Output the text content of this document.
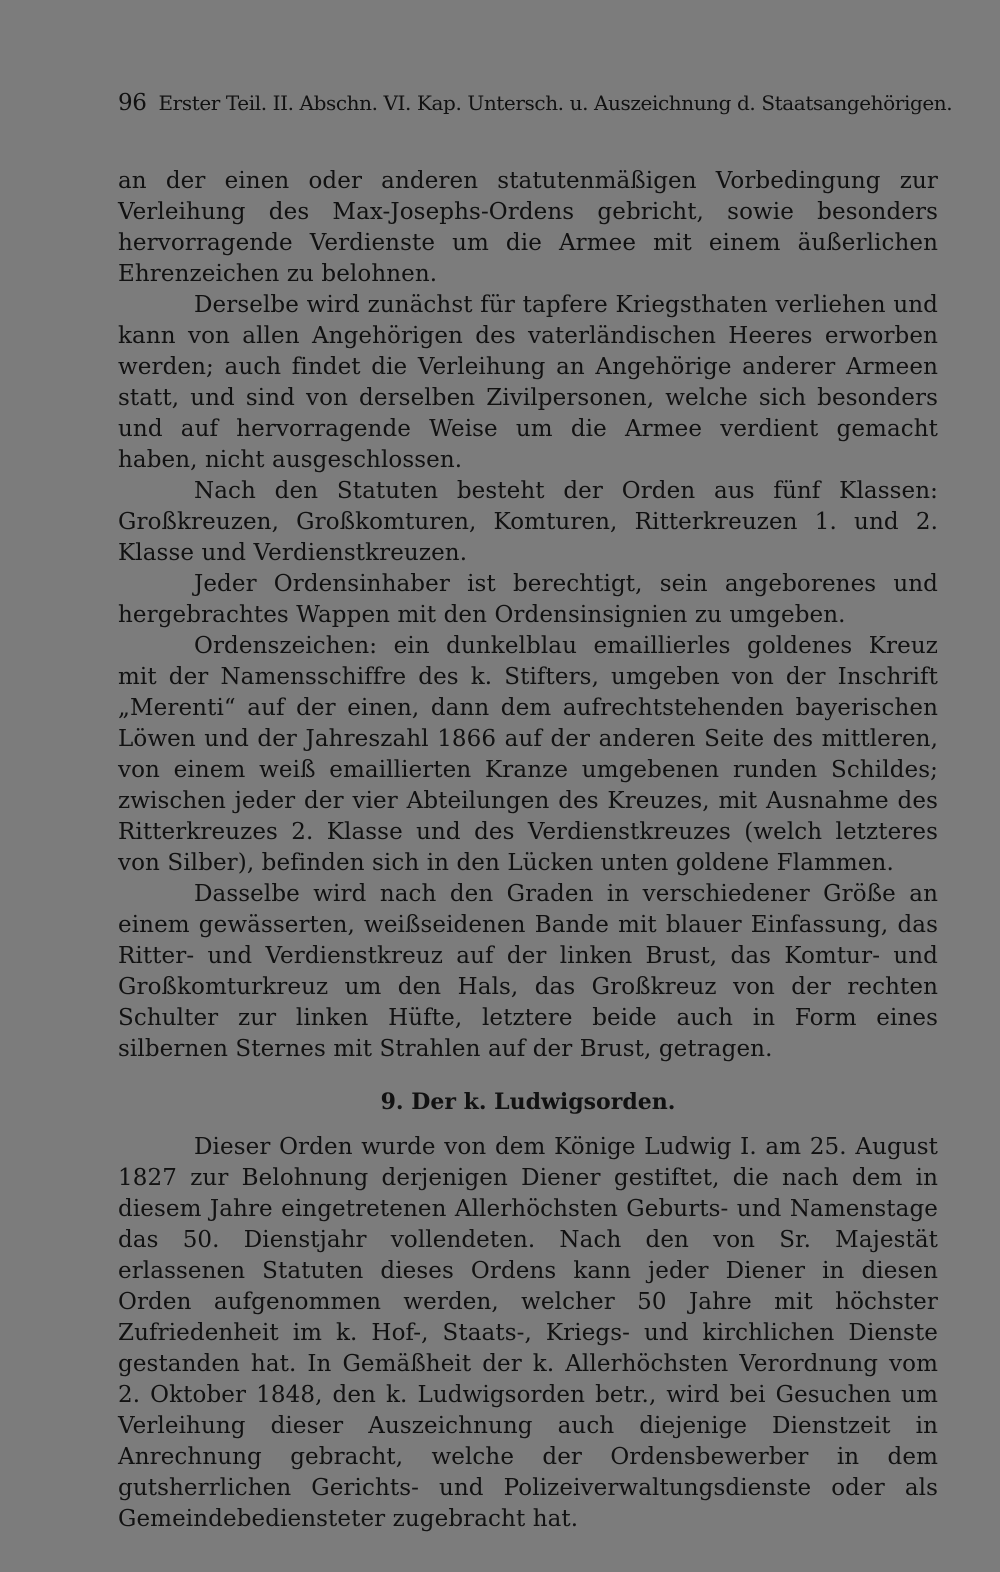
96 Erster Teil. II. Abschn. VI. Kap. Untersch. u. Auszeichnung d. Staatsangehörigen.

an der einen oder anderen statutenmäßigen Vorbedingung zur Verleihung des Max-Josephs-Ordens gebricht, sowie besonders hervorragende Verdienste um die Armee mit einem äußerlichen Ehrenzeichen zu belohnen.

Derselbe wird zunächst für tapfere Kriegsthaten verliehen und kann von allen Angehörigen des vaterländischen Heeres erworben werden; auch findet die Verleihung an Angehörige anderer Armeen statt, und sind von derselben Zivilpersonen, welche sich besonders und auf hervorragende Weise um die Armee verdient gemacht haben, nicht ausgeschlossen.

Nach den Statuten besteht der Orden aus fünf Klassen: Großkreuzen, Großkomturen, Komturen, Ritterkreuzen 1. und 2. Klasse und Verdienstkreuzen.

Jeder Ordensinhaber ist berechtigt, sein angeborenes und hergebrachtes Wappen mit den Ordensinsignien zu umgeben.

Ordenszeichen: ein dunkelblau emaillierles goldenes Kreuz mit der Namensschiffre des k. Stifters, umgeben von der Inschrift „Merenti“ auf der einen, dann dem aufrechtstehenden bayerischen Löwen und der Jahreszahl 1866 auf der anderen Seite des mittleren, von einem weiß emaillierten Kranze umgebenen runden Schildes; zwischen jeder der vier Abteilungen des Kreuzes, mit Ausnahme des Ritterkreuzes 2. Klasse und des Verdienstkreuzes (welch letzteres von Silber), befinden sich in den Lücken unten goldene Flammen.

Dasselbe wird nach den Graden in verschiedener Größe an einem gewässerten, weißseidenen Bande mit blauer Einfassung, das Ritter- und Verdienstkreuz auf der linken Brust, das Komtur- und Großkomturkreuz um den Hals, das Großkreuz von der rechten Schulter zur linken Hüfte, letztere beide auch in Form eines silbernen Sternes mit Strahlen auf der Brust, getragen.

9. Der k. Ludwigsorden.

Dieser Orden wurde von dem Könige Ludwig I. am 25. August 1827 zur Belohnung derjenigen Diener gestiftet, die nach dem in diesem Jahre eingetretenen Allerhöchsten Geburts- und Namenstage das 50. Dienstjahr vollendeten. Nach den von Sr. Majestät erlassenen Statuten dieses Ordens kann jeder Diener in diesen Orden aufgenommen werden, welcher 50 Jahre mit höchster Zufriedenheit im k. Hof-, Staats-, Kriegs- und kirchlichen Dienste gestanden hat. In Gemäßheit der k. Allerhöchsten Verordnung vom 2. Oktober 1848, den k. Ludwigsorden betr., wird bei Gesuchen um Verleihung dieser Auszeichnung auch diejenige Dienstzeit in Anrechnung gebracht, welche der Ordensbewerber in dem gutsherrlichen Gerichts- und Polizeiverwaltungsdienste oder als Gemeindebediensteter zugebracht hat.
